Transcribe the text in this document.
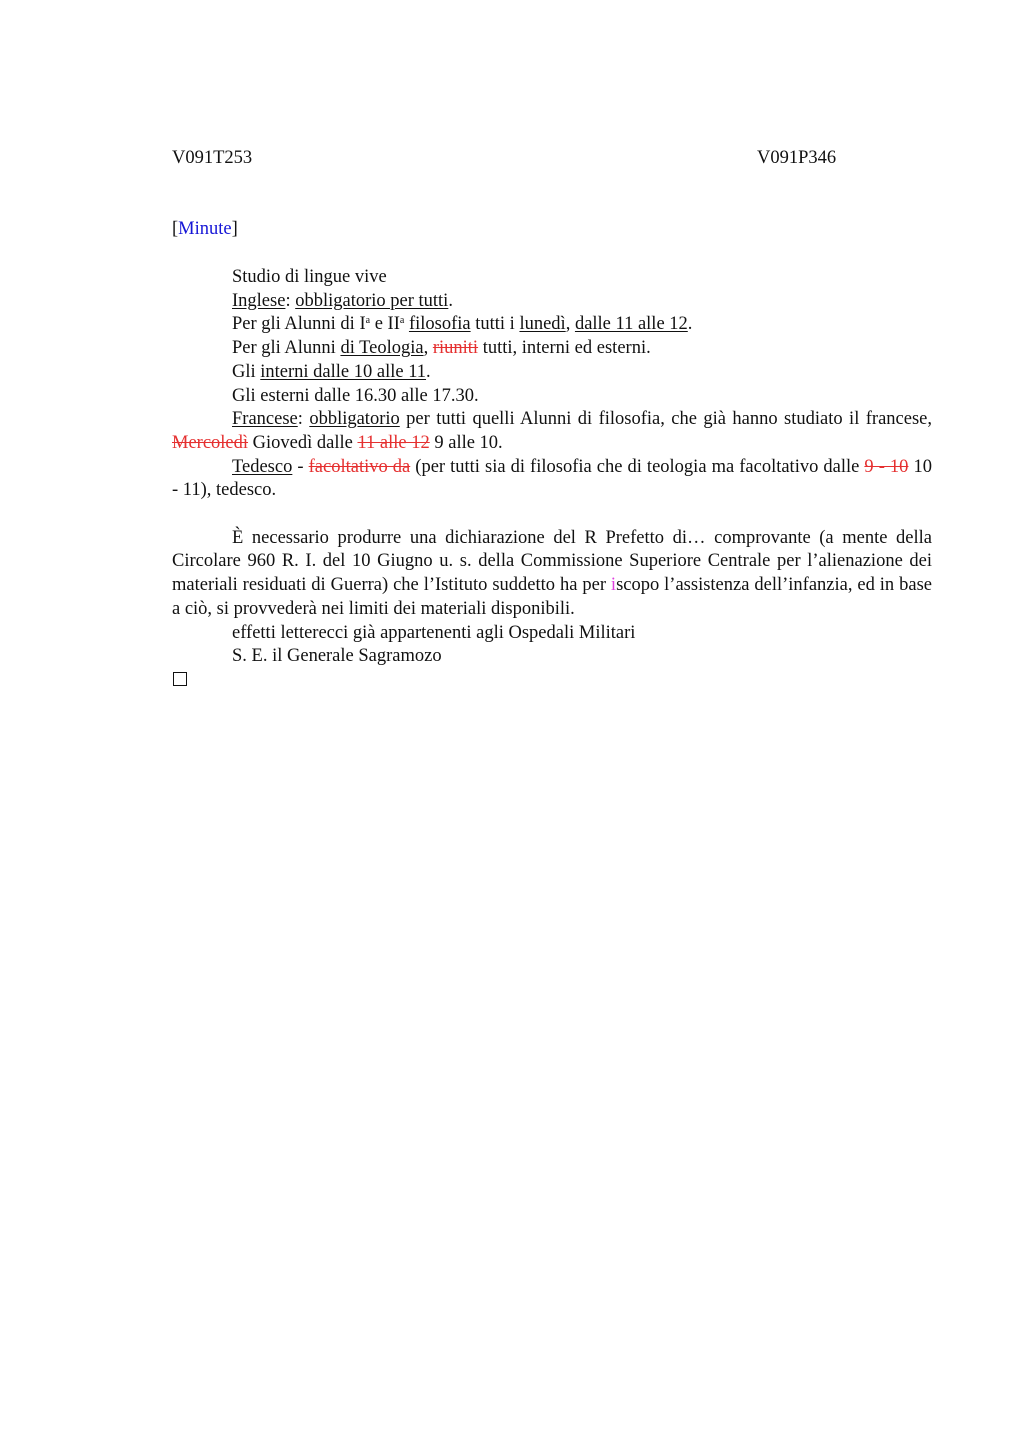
V091T253	V091P346
[Minute]

Studio di lingue vive

Inglese: obbligatorio per tutti.

Per gli Alunni di $I^a$ e $II^a$ filosofia tutti i lunedì, dalle 11 alle 12.

Per gli Alunni di Teologia, riuniti tutti, interni ed esterni.

Gli interni dalle 10 alle 11.

Gli esterni dalle 16.30 alle 17.30.

Francese: obbligatorio per tutti quelli Alunni di filosofia, che già hanno studiato il francese, Mercoledì Giovedì dalle 11 alle 12 9 alle 10.

Tedesco - facoltativo da (per tutti sia di filosofia che di teologia ma facoltativo dalle 9 - 10 10 - 11), tedesco.

È necessario produrre una dichiarazione del R Prefetto di… comprovante (a mente della Circolare 960 R. I. del 10 Giugno u. s. della Commissione Superiore Centrale per l’alienazione dei materiali residuati di Guerra) che l’Istituto suddetto ha per iscopo l’assistenza dell’infanzia, ed in base a ciò, si provvederà nei limiti dei materiali disponibili.

effetti letterecci già appartenenti agli Ospedali Militari

S. E. il Generale Sagramozo
